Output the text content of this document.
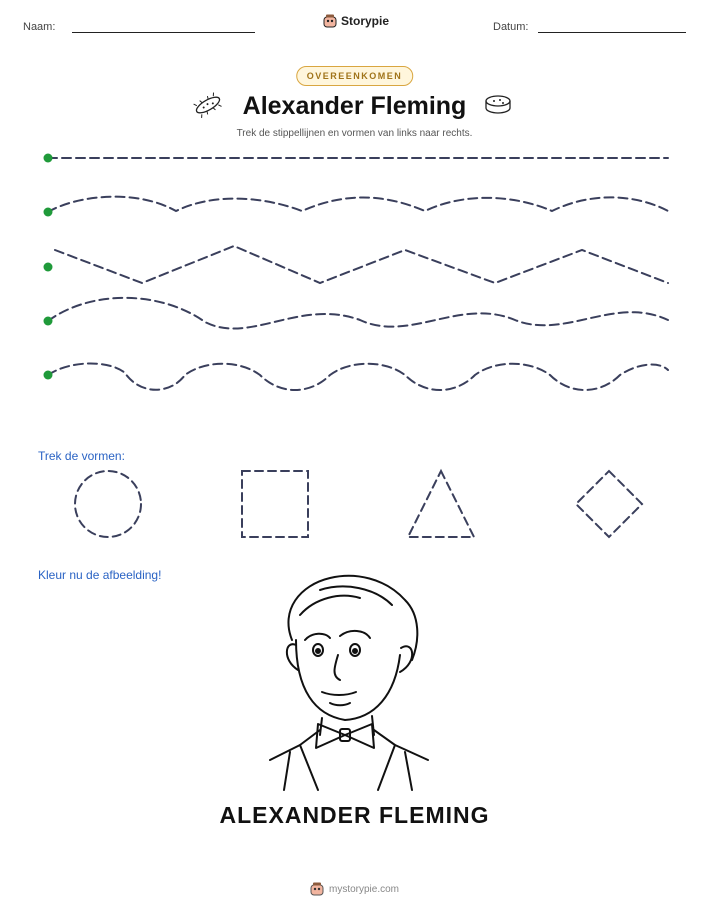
Naam:	Storypie	Datum:
OVEREENKOMEN
Alexander Fleming
Trek de stippellijnen en vormen van links naar rechts.
Trek de vormen:
Kleur nu de afbeelding!
ALEXANDER FLEMING
mystorypie.com
